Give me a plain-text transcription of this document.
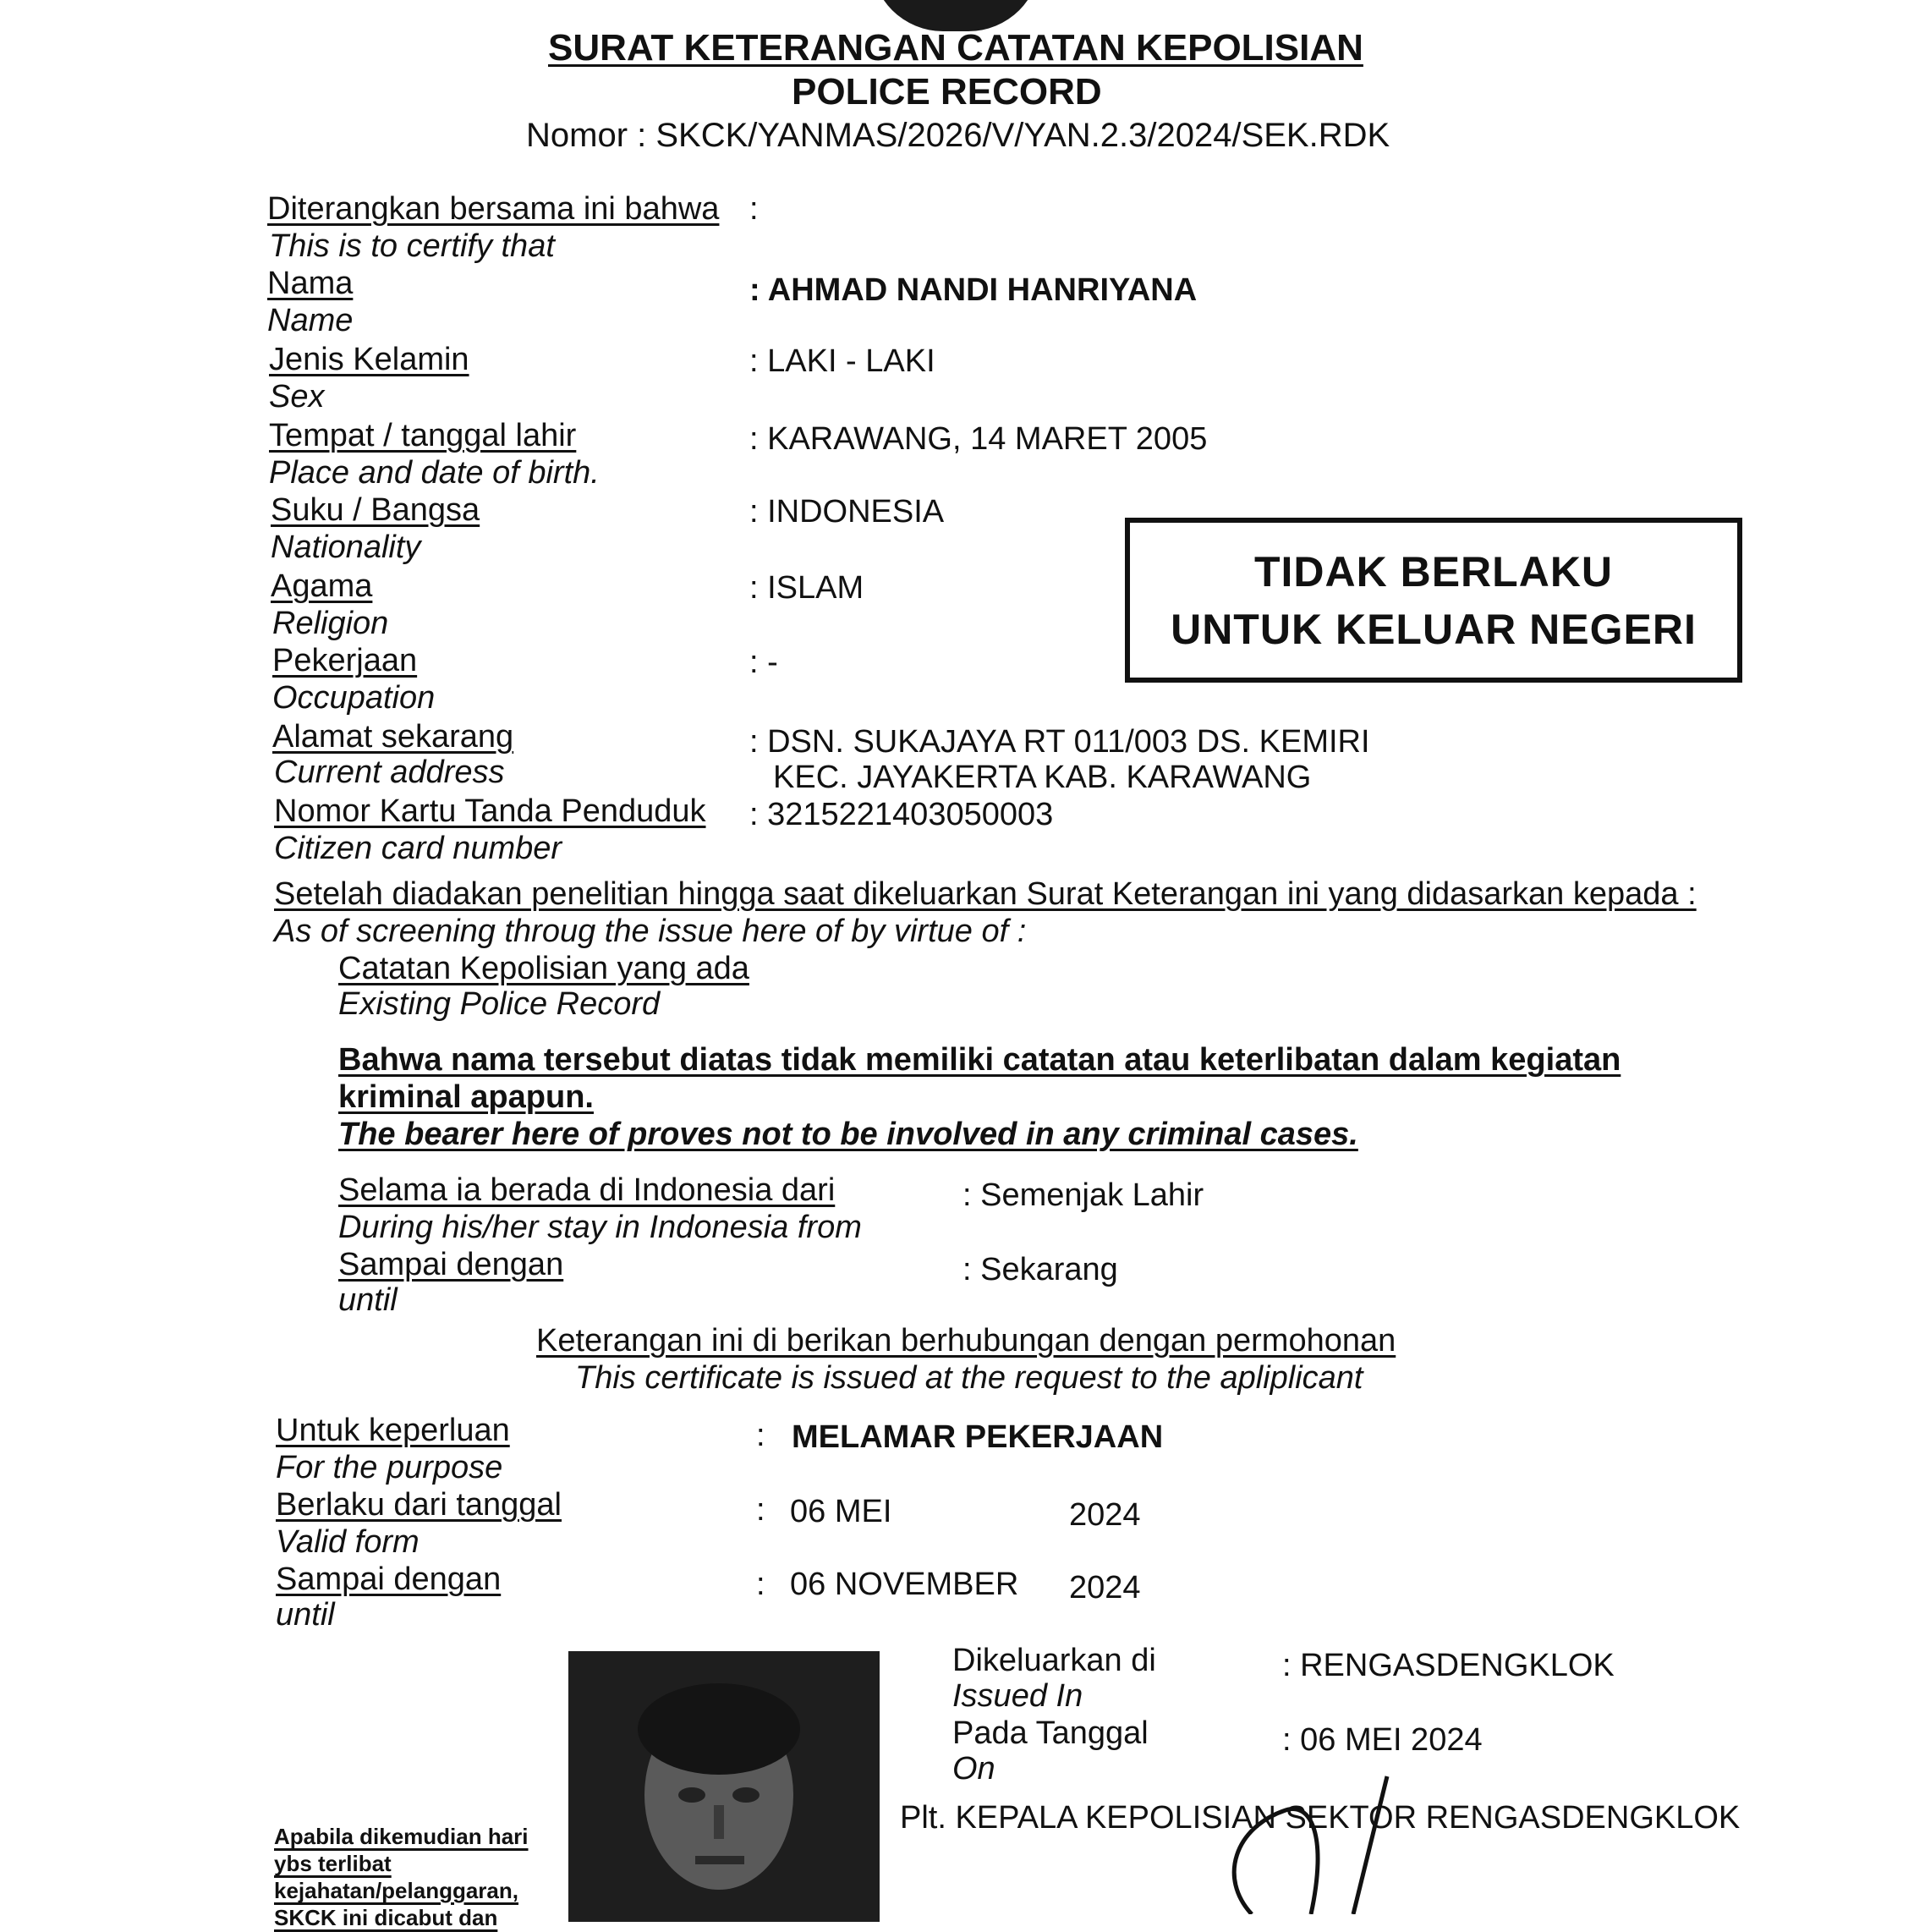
SURAT KETERANGAN CATATAN KEPOLISIAN
POLICE RECORD
Nomor : SKCK/YANMAS/2026/V/YAN.2.3/2024/SEK.RDK
Diterangkan bersama ini bahwa :
This is to certify that
Nama
Name
: AHMAD NANDI HANRIYANA
Jenis Kelamin
Sex
: LAKI - LAKI
Tempat / tanggal lahir
Place and date of birth.
: KARAWANG, 14 MARET 2005
Suku / Bangsa
Nationality
: INDONESIA
Agama
Religion
: ISLAM
Pekerjaan
Occupation
: -
Alamat sekarang
Current address
: DSN. SUKAJAYA RT 011/003 DS. KEMIRI
KEC. JAYAKERTA KAB. KARAWANG
Nomor Kartu Tanda Penduduk
Citizen card number
: 3215221403050003
TIDAK BERLAKU
UNTUK KELUAR NEGERI
Setelah diadakan penelitian hingga saat dikeluarkan Surat Keterangan ini yang didasarkan kepada :
As of screening throug the issue here of by virtue of :
Catatan Kepolisian yang ada
Existing Police Record
Bahwa nama tersebut diatas tidak memiliki catatan atau keterlibatan dalam kegiatan
kriminal apapun.
The bearer here of proves not to be involved in any criminal cases.
Selama ia berada di Indonesia dari
During his/her stay in Indonesia from
: Semenjak Lahir
Sampai dengan
until
: Sekarang
Keterangan ini di berikan berhubungan dengan permohonan
This certificate is issued at the request to the apliplicant
Untuk keperluan
For the purpose
: MELAMAR PEKERJAAN
Berlaku dari tanggal
Valid form
: 06 MEI	2024
Sampai dengan
until
: 06 NOVEMBER 2024
Dikeluarkan di
Issued In
: RENGASDENGKLOK
Pada Tanggal
On
: 06 MEI 2024
Plt. KEPALA KEPOLISIAN SEKTOR RENGASDENGKLOK
Apabila dikemudian hari
ybs terlibat
kejahatan/pelanggaran,
SKCK ini dicabut dan
